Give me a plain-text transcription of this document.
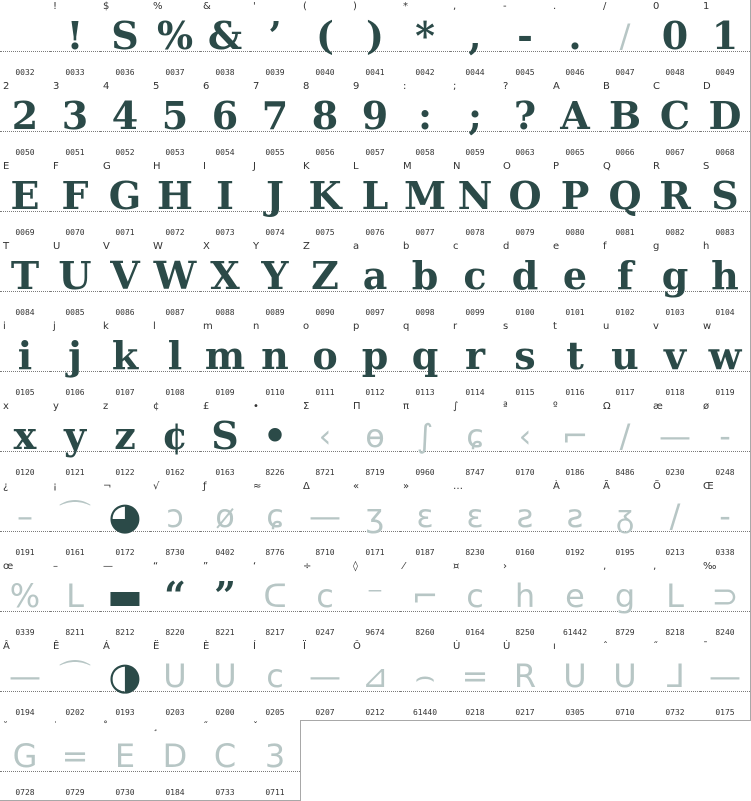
0032
!
!
0033
$
S
0036
%
%
0037
&
&
0038
'
’
0039
(
(
0040
)
)
0041
*
*
0042
,
,
0044
-
-
0045
.
.
0046
/
/
0047
0
0
0048
1
1
0049
2
2
0050
3
3
0051
4
4
0052
5
5
0053
6
6
0054
7
7
0055
8
8
0056
9
9
0057
:
:
0058
;
;
0059
?
?
0063
A
A
0065
B
B
0066
C
C
0067
D
D
0068
E
E
0069
F
F
0070
G
G
0071
H
H
0072
I
I
0073
J
J
0074
K
K
0075
L
L
0076
M
M
0077
N
N
0078
O
O
0079
P
P
0080
Q
Q
0081
R
R
0082
S
S
0083
T
T
0084
U
U
0085
V
V
0086
W
W
0087
X
X
0088
Y
Y
0089
Z
Z
0090
a
a
0097
b
b
0098
c
c
0099
d
d
0100
e
e
0101
f
f
0102
g
g
0103
h
h
0104
i
i
0105
j
j
0106
k
k
0107
l
l
0108
m
m
0109
n
n
0110
o
o
0111
p
p
0112
q
q
0113
r
r
0114
s
s
0115
t
t
0116
u
u
0117
v
v
0118
w
w
0119
x
x
0120
y
y
0121
z
z
0122
¢
¢
0162
£
S
0163
•
•
8226
Σ
‹
8721
Π
ɵ
8719
π
∫
0960
∫
ɕ
8747
ª
‹
0170
º
⌐
0186
Ω
/
8486
æ
—
0230
ø
-
0248
¿
–
0191
¡
⌒
0161
¬
◕
0172
√
ɔ
8730
ƒ
ø
0402
≈
ɕ
8776
Δ
—
8710
«
ʒ
0171
»
ε
0187
…
ɛ
8230
ƨ
0160
À
ƨ
0192
Ã
ᵹ
0195
Õ
/
0213
Œ
-
0338
œ
%
0339
–
ᒪ
8211
—
▬
8212
“
“
8220
”
”
8221
‘
ᑕ
8217
÷
c
0247
◊
⁻
9674
⁄
⌐
8260
¤
c
0164
›
h
8250
e
61442
‚
g
8729
‚
ᒪ
8218
‰
⊃
8240
Â
—
0194
Ê
⌒
0202
Á
◑
0193
Ë
ᑌ
0203
È
ᑌ
0200
Í
c
0205
Ï
—
0207
Ô
⊿
0212
⌢
61440
Ú
=
0218
Ù
R
0217
ı
ᑌ
0305
ˆ
ᑌ
0710
˝
ᒧ
0732
¯
—
0175
˘
G
0728
˙
=
0729
˚
E
0730
¸
D
0184
˝
C
0733
ˇ
3
0711
